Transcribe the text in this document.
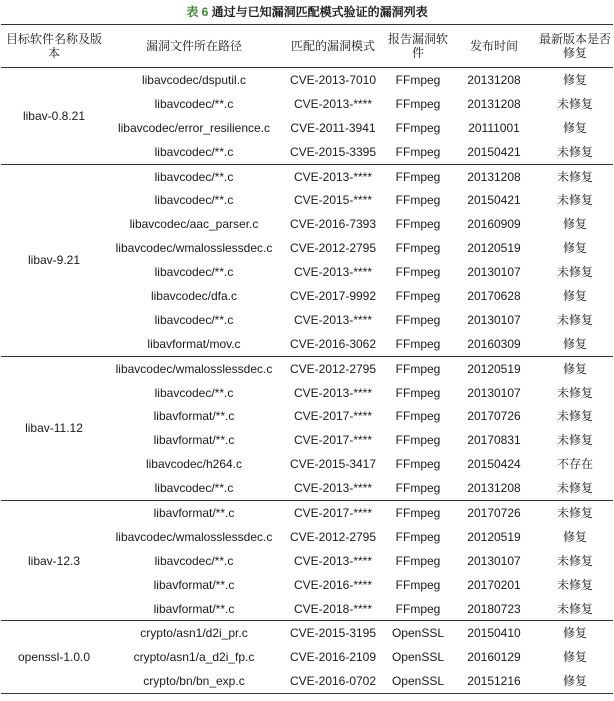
表 6 通过与已知漏洞匹配模式验证的漏洞列表
目标软件名称及版本	漏洞文件所在路径	匹配的漏洞模式	报告漏洞软件	发布时间	最新版本是否修复
libav-0.8.21	libavcodec/dsputil.c	CVE-2013-7010	FFmpeg	20131208	修复
	libavcodec/**.c	CVE-2013-****	FFmpeg	20131208	未修复
	libavcodec/error_resilience.c	CVE-2011-3941	FFmpeg	20111001	修复
	libavcodec/**.c	CVE-2015-3395	FFmpeg	20150421	未修复
libav-9.21	libavcodec/**.c	CVE-2013-****	FFmpeg	20131208	未修复
	libavcodec/**.c	CVE-2015-****	FFmpeg	20150421	未修复
	libavcodec/aac_parser.c	CVE-2016-7393	FFmpeg	20160909	修复
	libavcodec/wmalosslessdec.c	CVE-2012-2795	FFmpeg	20120519	修复
	libavcodec/**.c	CVE-2013-****	FFmpeg	20130107	未修复
	libavcodec/dfa.c	CVE-2017-9992	FFmpeg	20170628	修复
	libavcodec/**.c	CVE-2013-****	FFmpeg	20130107	未修复
	libavformat/mov.c	CVE-2016-3062	FFmpeg	20160309	修复
libav-11.12	libavcodec/wmalosslessdec.c	CVE-2012-2795	FFmpeg	20120519	修复
	libavcodec/**.c	CVE-2013-****	FFmpeg	20130107	未修复
	libavformat/**.c	CVE-2017-****	FFmpeg	20170726	未修复
	libavformat/**.c	CVE-2017-****	FFmpeg	20170831	未修复
	libavcodec/h264.c	CVE-2015-3417	FFmpeg	20150424	不存在
	libavcodec/**.c	CVE-2013-****	FFmpeg	20131208	未修复
libav-12.3	libavformat/**.c	CVE-2017-****	FFmpeg	20170726	未修复
	libavcodec/wmalosslessdec.c	CVE-2012-2795	FFmpeg	20120519	修复
	libavcodec/**.c	CVE-2013-****	FFmpeg	20130107	未修复
	libavformat/**.c	CVE-2016-****	FFmpeg	20170201	未修复
	libavformat/**.c	CVE-2018-****	FFmpeg	20180723	未修复
openssl-1.0.0	crypto/asn1/d2i_pr.c	CVE-2015-3195	OpenSSL	20150410	修复
	crypto/asn1/a_d2i_fp.c	CVE-2016-2109	OpenSSL	20160129	修复
	crypto/bn/bn_exp.c	CVE-2016-0702	OpenSSL	20151216	修复
